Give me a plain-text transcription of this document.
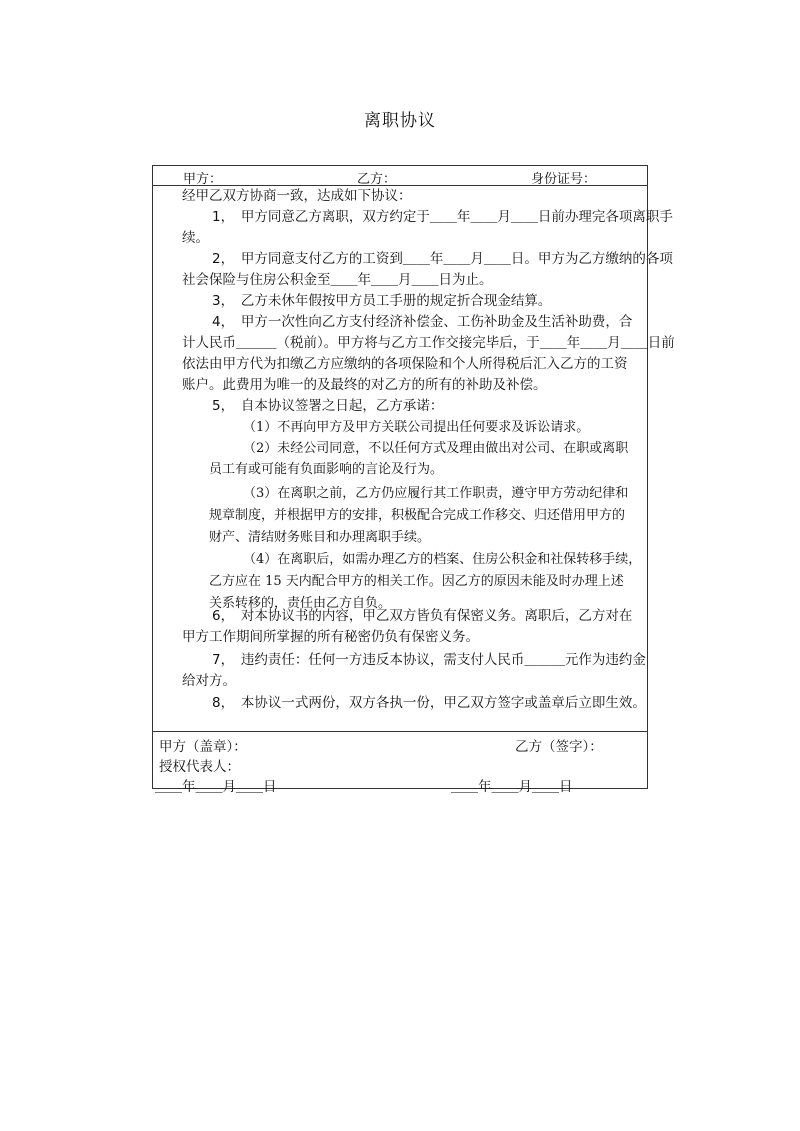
离职协议
甲方：	乙方：	身份证号：
经甲乙双方协商一致，达成如下协议：
1，　甲方同意乙方离职，双方约定于＿＿年＿＿月＿＿日前办理完各项离职手
续。
2，　甲方同意支付乙方的工资到＿＿年＿＿月＿＿日。甲方为乙方缴纳的各项
社会保险与住房公积金至＿＿年＿＿月＿＿日为止。
3，　乙方未休年假按甲方员工手册的规定折合现金结算。
4，　甲方一次性向乙方支付经济补偿金、工伤补助金及生活补助费，合
计人民币＿＿＿（税前）。甲方将与乙方工作交接完毕后，于＿＿年＿＿月＿＿日前
依法由甲方代为扣缴乙方应缴纳的各项保险和个人所得税后汇入乙方的工资
账户。此费用为唯一的及最终的对乙方的所有的补助及补偿。
5，　自本协议签署之日起，乙方承诺：
（1）不再向甲方及甲方关联公司提出任何要求及诉讼请求。
（2）未经公司同意，不以任何方式及理由做出对公司、在职或离职
员工有或可能有负面影响的言论及行为。
（3）在离职之前，乙方仍应履行其工作职责，遵守甲方劳动纪律和
规章制度，并根据甲方的安排，积极配合完成工作移交、归还借用甲方的
财产、清结财务账目和办理离职手续。
（4）在离职后，如需办理乙方的档案、住房公积金和社保转移手续，
乙方应在 15 天内配合甲方的相关工作。因乙方的原因未能及时办理上述
关系转移的，责任由乙方自负。
6，　对本协议书的内容，甲乙双方皆负有保密义务。离职后，乙方对在
甲方工作期间所掌握的所有秘密仍负有保密义务。
7，　违约责任：任何一方违反本协议，需支付人民币＿＿＿元作为违约金
给对方。
8，　本协议一式两份，双方各执一份，甲乙双方签字或盖章后立即生效。
甲方（盖章）：	乙方（签字）：
授权代表人：
＿＿年＿＿月＿＿日	＿＿年＿＿月＿＿日
